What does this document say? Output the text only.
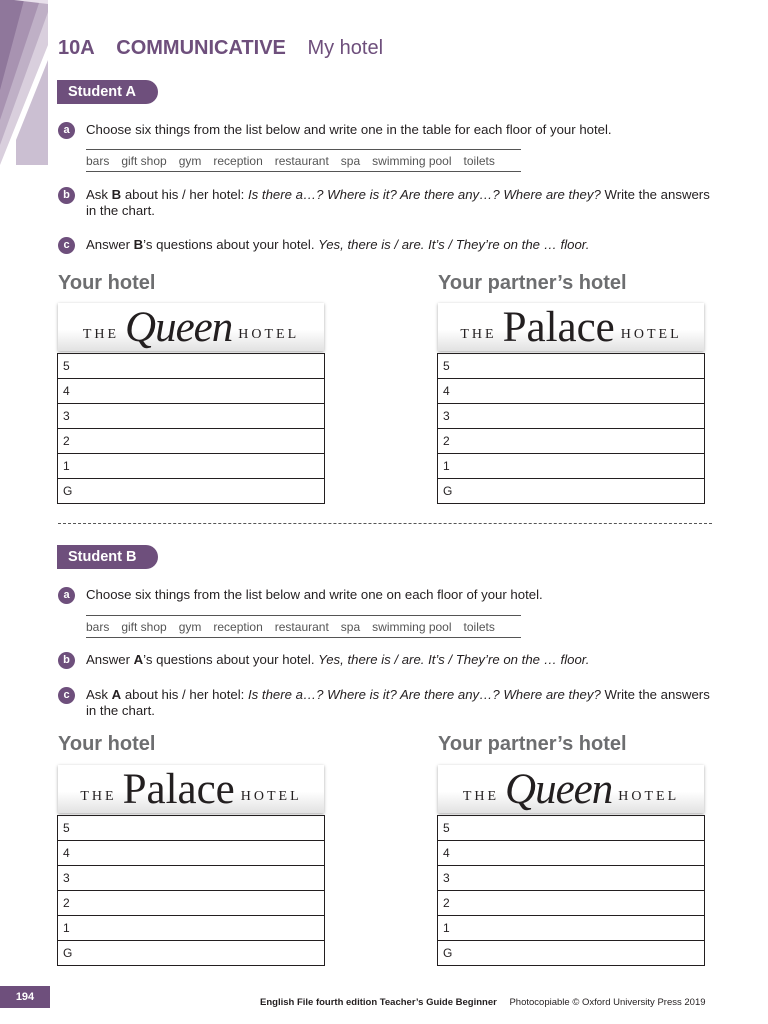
10A COMMUNICATIVE My hotel
Student A
a	Choose six things from the list below and write one in the table for each floor of your hotel.
bars gift shop gym reception restaurant spa swimming pool toilets
b	Ask B about his / her hotel: Is there a…? Where is it? Are there any…? Where are they? Write the answers in the chart.
c	Answer B’s questions about your hotel. Yes, there is / are. It’s / They’re on the … floor.
Your hotel	Your partner’s hotel
THE Queen HOTEL	THE Palace HOTEL
5
4
3
2
1
G
5
4
3
2
1
G
Student B
a	Choose six things from the list below and write one on each floor of your hotel.
bars gift shop gym reception restaurant spa swimming pool toilets
b	Answer A’s questions about your hotel. Yes, there is / are. It’s / They’re on the … floor.
c	Ask A about his / her hotel: Is there a…? Where is it? Are there any…? Where are they? Write the answers in the chart.
Your hotel	Your partner’s hotel
THE Palace HOTEL	THE Queen HOTEL
5
4
3
2
1
G
5
4
3
2
1
G
194	English File fourth edition Teacher’s Guide Beginner Photocopiable © Oxford University Press 2019
